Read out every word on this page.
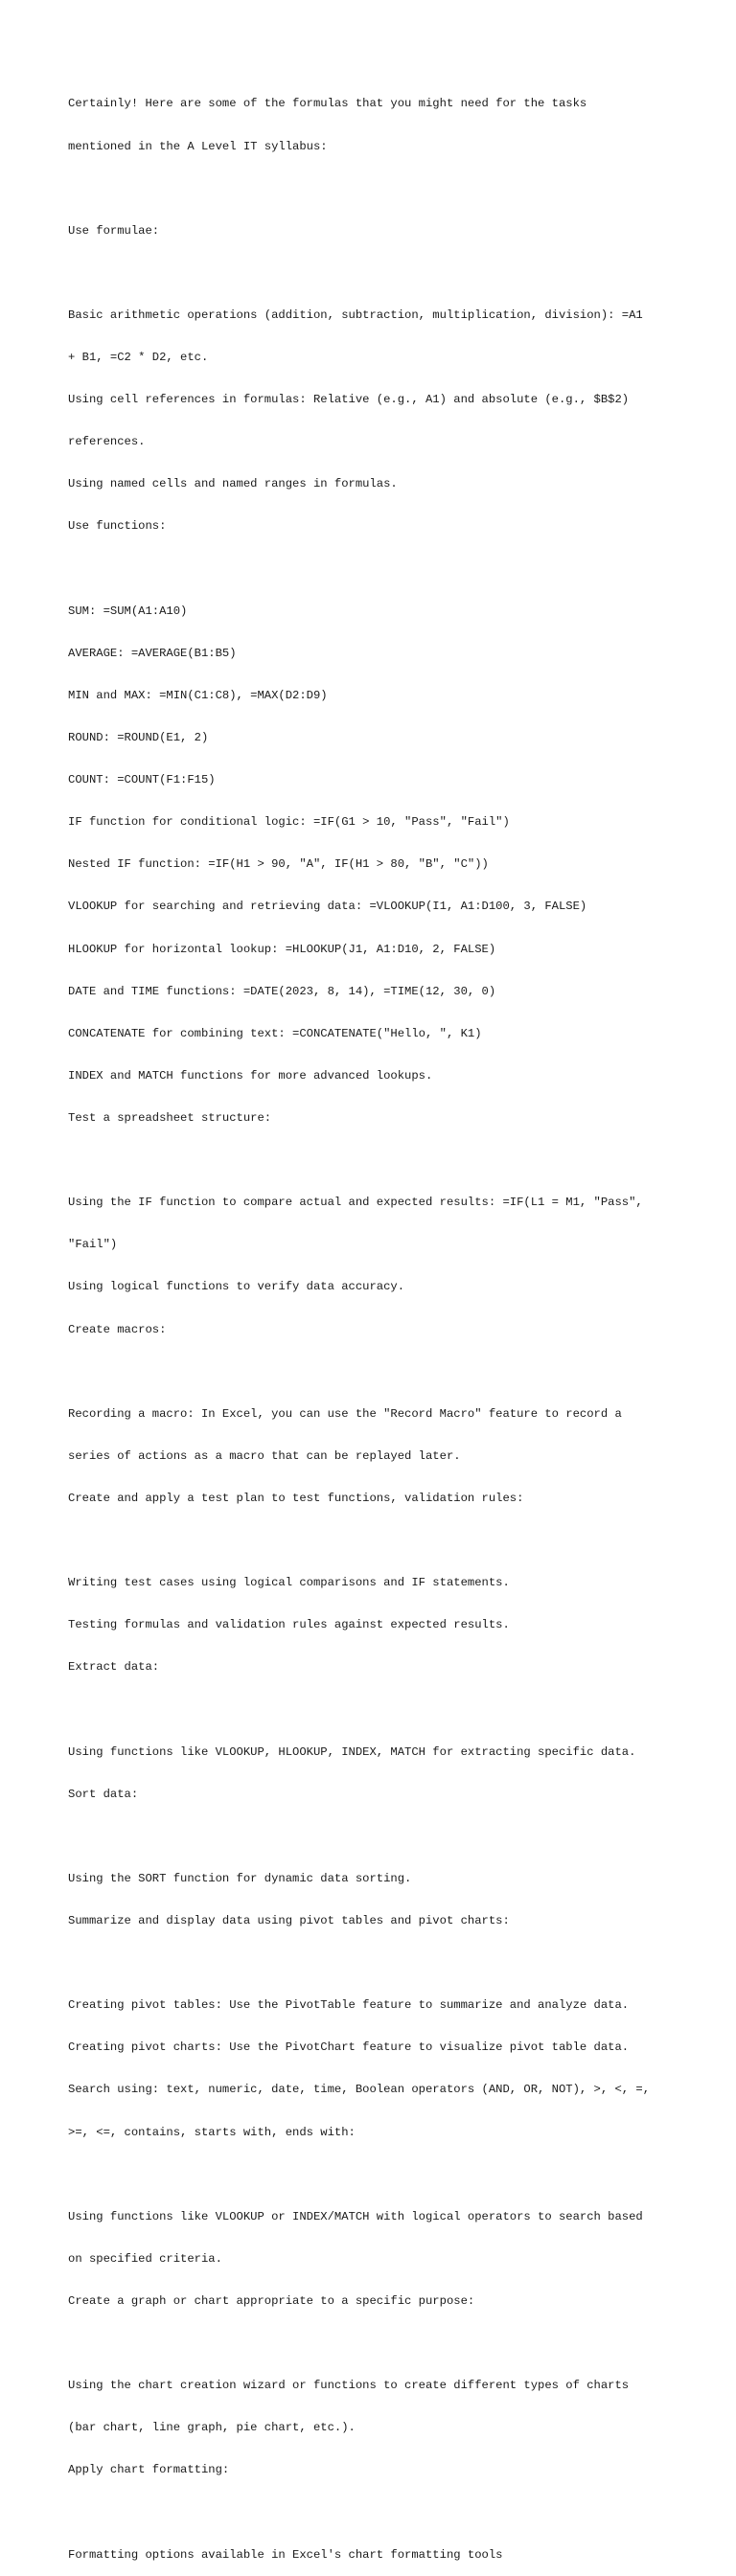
Certainly! Here are some of the formulas that you might need for the tasks

mentioned in the A Level IT syllabus:

Use formulae:

Basic arithmetic operations (addition, subtraction, multiplication, division): =A1

+ B1, =C2 * D2, etc.

Using cell references in formulas: Relative (e.g., A1) and absolute (e.g., $B$2)

references.

Using named cells and named ranges in formulas.

Use functions:

SUM: =SUM(A1:A10)

AVERAGE: =AVERAGE(B1:B5)

MIN and MAX: =MIN(C1:C8), =MAX(D2:D9)

ROUND: =ROUND(E1, 2)

COUNT: =COUNT(F1:F15)

IF function for conditional logic: =IF(G1 > 10, "Pass", "Fail")

Nested IF function: =IF(H1 > 90, "A", IF(H1 > 80, "B", "C"))

VLOOKUP for searching and retrieving data: =VLOOKUP(I1, A1:D100, 3, FALSE)

HLOOKUP for horizontal lookup: =HLOOKUP(J1, A1:D10, 2, FALSE)

DATE and TIME functions: =DATE(2023, 8, 14), =TIME(12, 30, 0)

CONCATENATE for combining text: =CONCATENATE("Hello, ", K1)

INDEX and MATCH functions for more advanced lookups.

Test a spreadsheet structure:

Using the IF function to compare actual and expected results: =IF(L1 = M1, "Pass",

"Fail")

Using logical functions to verify data accuracy.

Create macros:

Recording a macro: In Excel, you can use the "Record Macro" feature to record a

series of actions as a macro that can be replayed later.

Create and apply a test plan to test functions, validation rules:

Writing test cases using logical comparisons and IF statements.

Testing formulas and validation rules against expected results.

Extract data:

Using functions like VLOOKUP, HLOOKUP, INDEX, MATCH for extracting specific data.

Sort data:

Using the SORT function for dynamic data sorting.

Summarize and display data using pivot tables and pivot charts:

Creating pivot tables: Use the PivotTable feature to summarize and analyze data.

Creating pivot charts: Use the PivotChart feature to visualize pivot table data.

Search using: text, numeric, date, time, Boolean operators (AND, OR, NOT), >, <, =,

>=, <=, contains, starts with, ends with:

Using functions like VLOOKUP or INDEX/MATCH with logical operators to search based

on specified criteria.

Create a graph or chart appropriate to a specific purpose:

Using the chart creation wizard or functions to create different types of charts

(bar chart, line graph, pie chart, etc.).

Apply chart formatting:

Formatting options available in Excel's chart formatting tools
